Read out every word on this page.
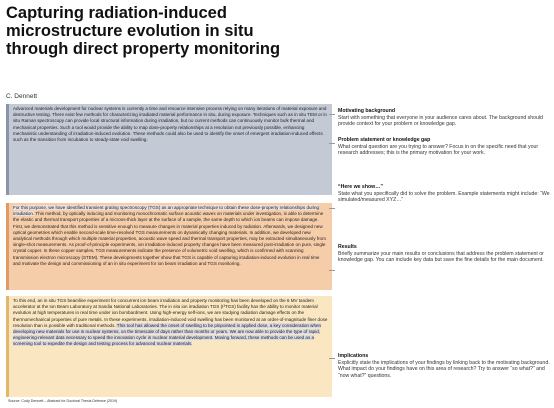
Capturing radiation-induced microstructure evolution in situ through direct property monitoring
C. Dennett

Advanced materials development for nuclear systems is currently a time and resource intensive process relying on many iterations of material exposure and destructive testing. There exist few methods for characterizing irradiated material performance in situ, during exposure. Techniques such as in situ TEM or in situ Raman spectroscopy can provide local structural information during irradiation, but no current methods can continuously monitor bulk thermal and mechanical properties. Such a tool would provide the ability to map dose-property relationships at a resolution not previously possible, enhancing mechanistic understanding of irradiation-induced evolution. These methods could also be used to identify the onset of emergent irradiation-induced effects such as the transition from incubation to steady-state void swelling.

For this purpose, we have identified transient grating spectroscopy (TGS) as an appropriate technique to obtain these dose-property relationships during irradiation. This method, by optically inducing and monitoring monochromatic surface acoustic waves on materials under investigation, is able to determine the elastic and thermal transport properties of a microns-thick layer at the surface of a sample, the same depth to which ion beams can impose damage. First, we demonstrated that this method is sensitive enough to measure changes in material properties induced by radiation. Afterwards, we designed new optical geometries which enable second-scale time-resolved TGS measurements on dynamically changing materials. In addition, we developed new analytical methods through which multiple material properties, acoustic wave speed and thermal transport properties, may be extracted simultaneously from single-shot measurements. As proof-of-principle experiments, ion irradiation-induced property changes have been measured post-irradiation on pure, single crystal copper. In these copper samples, TGS measurements indicate the presence of volumetric void swelling, which is confirmed with scanning transmission electron microscopy (STEM). These developments together show that TGS is capable of capturing irradiation-induced evolution in real time and motivate the design and commissioning of an in situ experiment for ion beam irradiation and TGS monitoring.

To this end, an in situ TGS beamline experiment for concurrent ion beam irradiation and property monitoring has been developed on the 6 MV tandem accelerator at the Ion Beam Laboratory at Sandia National Laboratories. The in situ ion irradiation TGS (I³TGS) facility has the ability to monitor material evolution at high temperatures in real time under ion bombardment. Using high-energy self-ions, we are studying radiation damage effects on the thermomechanical properties of pure metals. In these experiments, irradiation-induced void swelling has been monitored at an order-of-magnitude finer dose resolution than is possible with traditional methods. This tool has allowed the onset of swelling to be pinpointed in applied dose, a key consideration when developing new materials for use in nuclear systems, on the timescale of days rather than months or years. We are now able to provide the type of rapid, engineering-relevant data necessary to speed the innovation cycle in nuclear material development. Moving forward, these methods can be used as a screening tool to expedite the design and testing process for advanced nuclear materials.

Source: Cody Dennett – Abstract for Doctoral Thesis Defense (2019)
Motivating background
Start with something that everyone in your audience cares about. The background should provide context for your problem or knowledge gap.
Problem statement or knowledge gap
What central question are you trying to answer? Focus in on the specific need that your research addresses; this is the primary motivation for your work.
“Here we show…”
State what you specifically did to solve the problem. Example statements might include: “We simulated/measured XYZ…”
Results
Briefly summarize your main results or conclusions that address the problem statement or knowledge gap. You can include key data but save the fine details for the main document.
Implications
Explicitly state the implications of your findings by linking back to the motivating background. What impact do your findings have on this area of research? Try to answer “so what?” and “now what?” questions.
